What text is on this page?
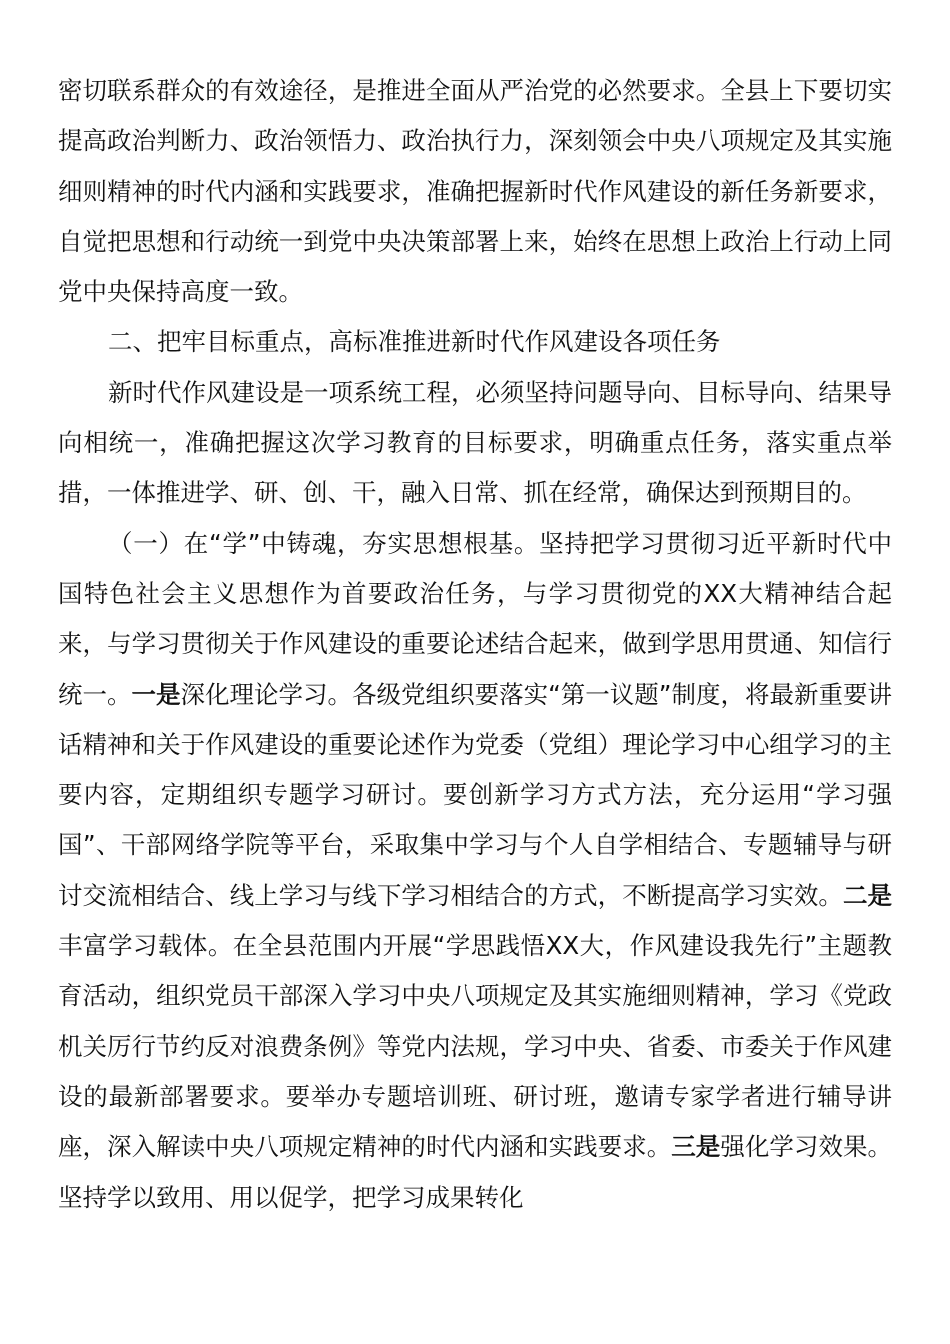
密切联系群众的有效途径，是推进全面从严治党的必然要求。全县上下要切实提高政治判断力、政治领悟力、政治执行力，深刻领会中央八项规定及其实施细则精神的时代内涵和实践要求，准确把握新时代作风建设的新任务新要求，自觉把思想和行动统一到党中央决策部署上来，始终在思想上政治上行动上同党中央保持高度一致。

二、把牢目标重点，高标准推进新时代作风建设各项任务

新时代作风建设是一项系统工程，必须坚持问题导向、目标导向、结果导向相统一，准确把握这次学习教育的目标要求，明确重点任务，落实重点举措，一体推进学、研、创、干，融入日常、抓在经常，确保达到预期目的。

（一）在“学”中铸魂，夯实思想根基。坚持把学习贯彻习近平新时代中国特色社会主义思想作为首要政治任务，与学习贯彻党的XX大精神结合起来，与学习贯彻关于作风建设的重要论述结合起来，做到学思用贯通、知信行统一。一是深化理论学习。各级党组织要落实“第一议题”制度，将最新重要讲话精神和关于作风建设的重要论述作为党委（党组）理论学习中心组学习的主要内容，定期组织专题学习研讨。要创新学习方式方法，充分运用“学习强国”、干部网络学院等平台，采取集中学习与个人自学相结合、专题辅导与研讨交流相结合、线上学习与线下学习相结合的方式，不断提高学习实效。二是丰富学习载体。在全县范围内开展“学思践悟XX大，作风建设我先行”主题教育活动，组织党员干部深入学习中央八项规定及其实施细则精神，学习《党政机关厉行节约反对浪费条例》等党内法规，学习中央、省委、市委关于作风建设的最新部署要求。要举办专题培训班、研讨班，邀请专家学者进行辅导讲座，深入解读中央八项规定精神的时代内涵和实践要求。三是强化学习效果。坚持学以致用、用以促学，把学习成果转化
